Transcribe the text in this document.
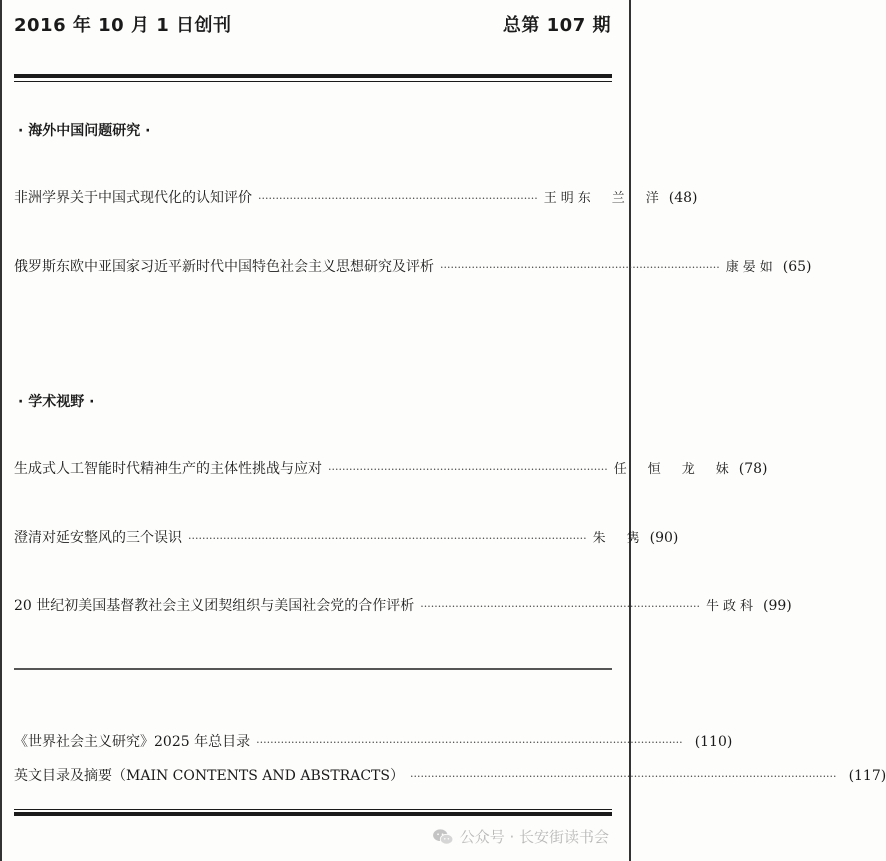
2016 年 10 月 1 日创刊	总第 107 期
· 海外中国问题研究 ·
非洲学界关于中国式现代化的认知评价 ················································································ 王明东　兰　洋 (48)
俄罗斯东欧中亚国家习近平新时代中国特色社会主义思想研究及评析 ················································································ 康晏如 (65)
· 学术视野 ·
生成式人工智能时代精神生产的主体性挑战与应对 ················································································ 任　恒　龙　妹 (78)
澄清对延安整风的三个误识 ·················································································································· 朱　隽 (90)
20 世纪初美国基督教社会主义团契组织与美国社会党的合作评析 ················································································ 牛政科 (99)
《世界社会主义研究》2025 年总目录 ·························································································································· (110)
英文目录及摘要（MAIN CONTENTS AND ABSTRACTS） ·························································································································· (117)
公众号 · 长安街读书会
